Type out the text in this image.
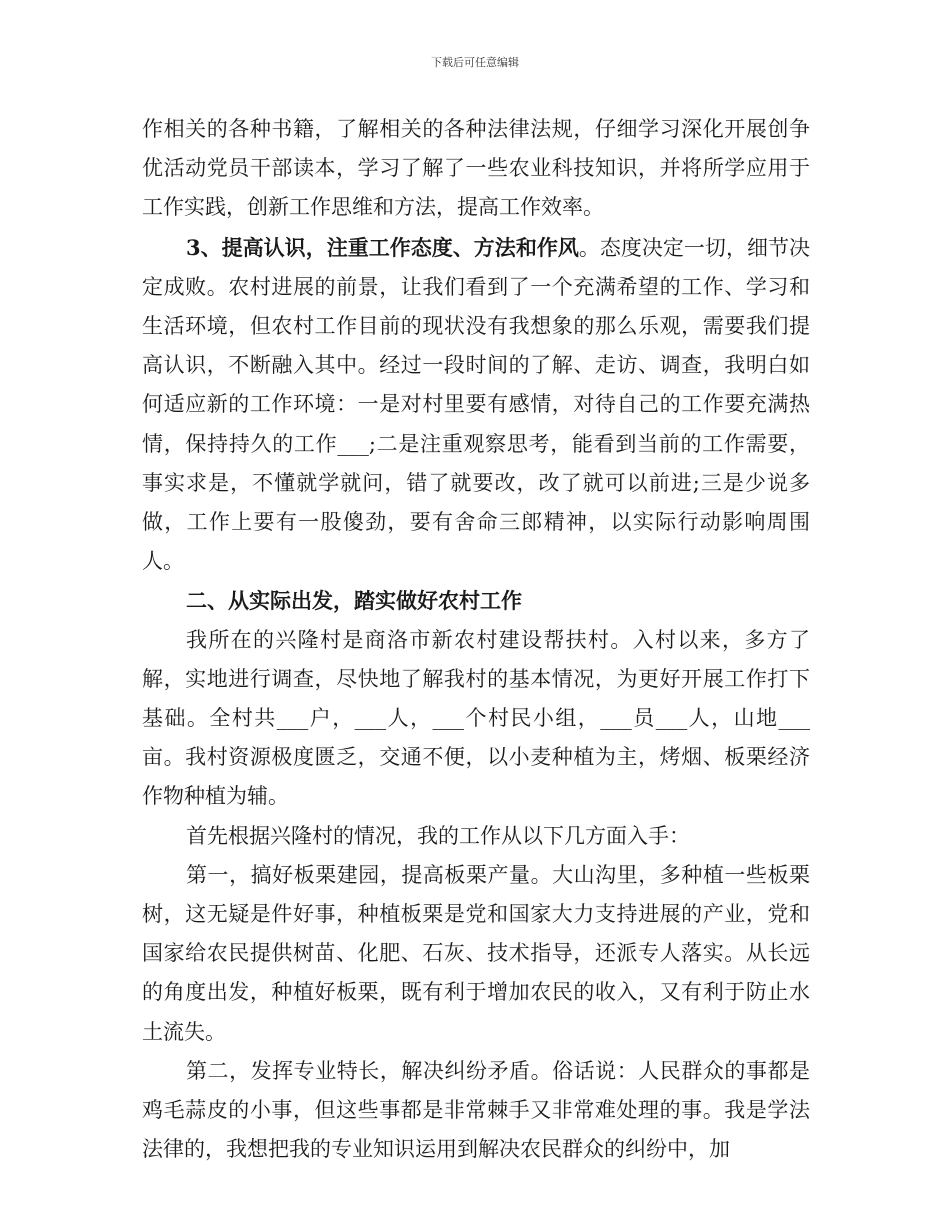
下载后可任意编辑

作相关的各种书籍，了解相关的各种法律法规，仔细学习深化开展创争优活动党员干部读本，学习了解了一些农业科技知识，并将所学应用于工作实践，创新工作思维和方法，提高工作效率。

3、提高认识，注重工作态度、方法和作风。态度决定一切，细节决定成败。农村进展的前景，让我们看到了一个充满希望的工作、学习和生活环境，但农村工作目前的现状没有我想象的那么乐观，需要我们提高认识，不断融入其中。经过一段时间的了解、走访、调查，我明白如何适应新的工作环境：一是对村里要有感情，对待自己的工作要充满热情，保持持久的工作___;二是注重观察思考，能看到当前的工作需要，事实求是，不懂就学就问，错了就要改，改了就可以前进;三是少说多做，工作上要有一股傻劲，要有舍命三郎精神，以实际行动影响周围人。

二、从实际出发，踏实做好农村工作

我所在的兴隆村是商洛市新农村建设帮扶村。入村以来，多方了解，实地进行调查，尽快地了解我村的基本情况，为更好开展工作打下基础。全村共___户，___人，___个村民小组，___员___人，山地___亩。我村资源极度匮乏，交通不便，以小麦种植为主，烤烟、板栗经济作物种植为辅。

首先根据兴隆村的情况，我的工作从以下几方面入手：

第一，搞好板栗建园，提高板栗产量。大山沟里，多种植一些板栗树，这无疑是件好事，种植板栗是党和国家大力支持进展的产业，党和国家给农民提供树苗、化肥、石灰、技术指导，还派专人落实。从长远的角度出发，种植好板栗，既有利于增加农民的收入，又有利于防止水土流失。

第二，发挥专业特长，解决纠纷矛盾。俗话说：人民群众的事都是鸡毛蒜皮的小事，但这些事都是非常棘手又非常难处理的事。我是学法法律的，我想把我的专业知识运用到解决农民群众的纠纷中，加
